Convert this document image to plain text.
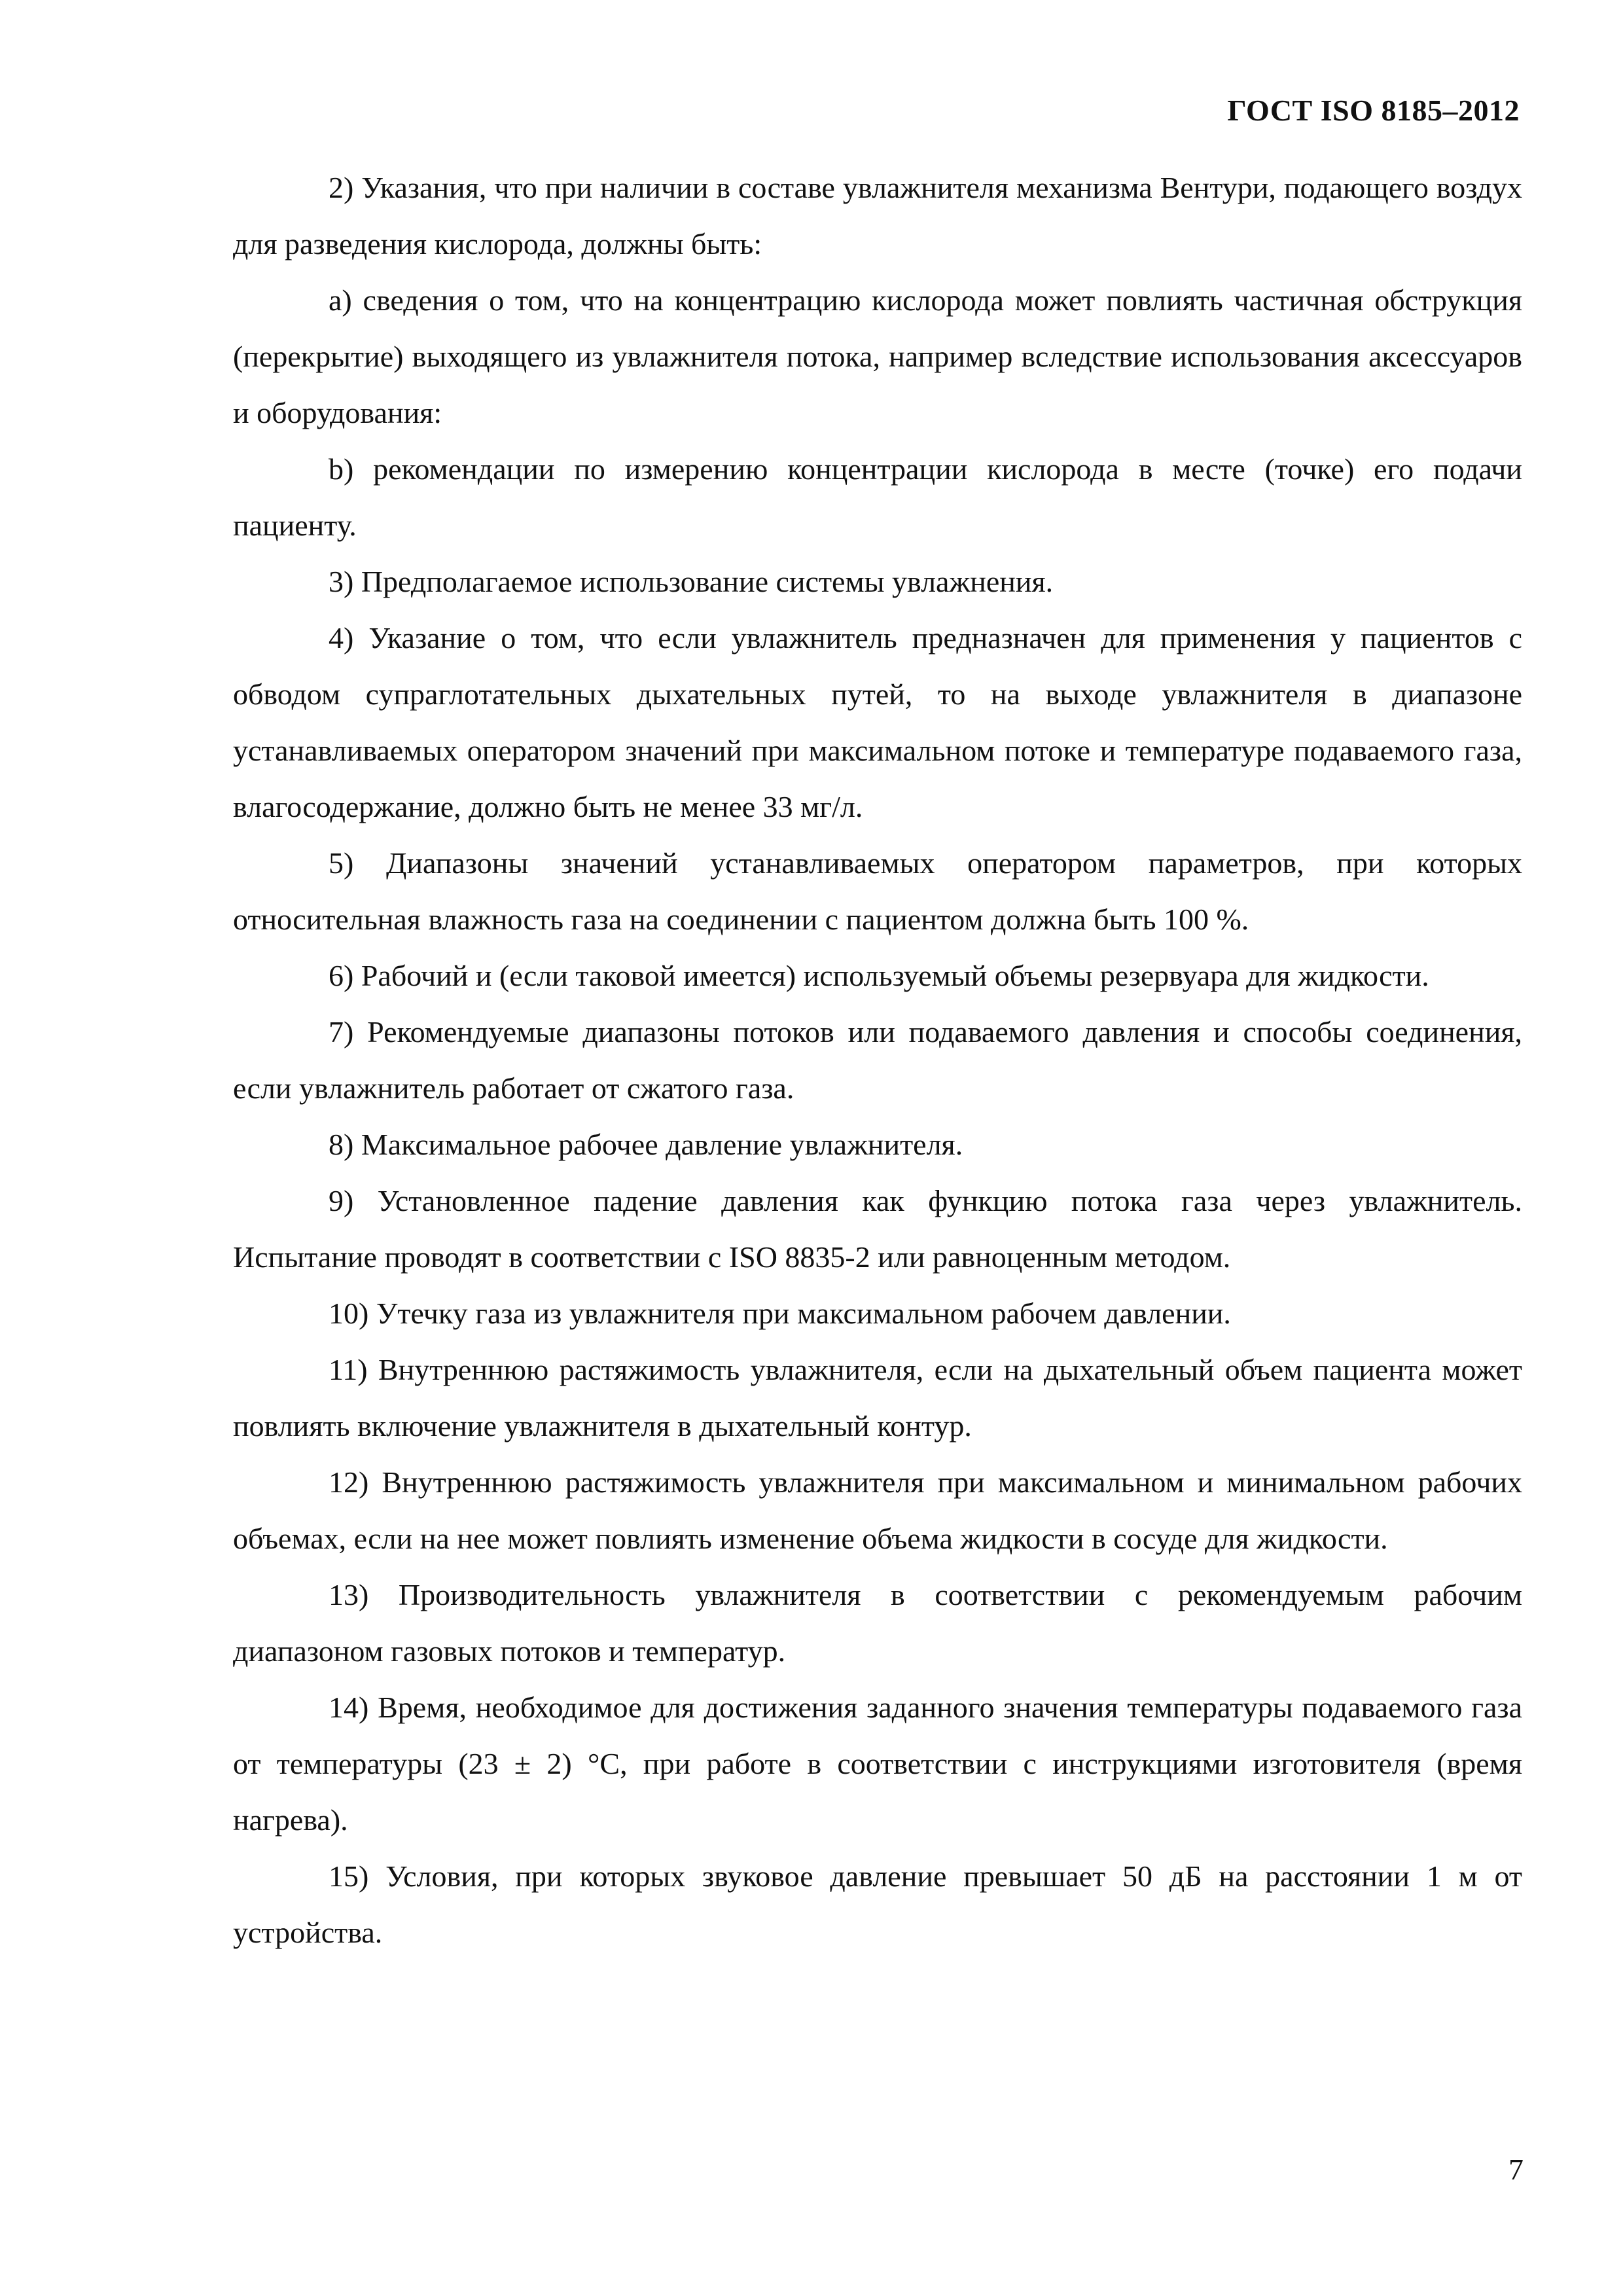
ГОСТ ISO 8185–2012

2) Указания, что при наличии в составе увлажнителя механизма Вентури, подающего воздух для разведения кислорода, должны быть:

a) сведения о том, что на концентрацию кислорода может повлиять частичная обструкция (перекрытие) выходящего из увлажнителя потока, например вследствие использования аксессуаров и оборудования:

b) рекомендации по измерению концентрации кислорода в месте (точке) его подачи пациенту.

3) Предполагаемое использование системы увлажнения.

4) Указание о том, что если увлажнитель предназначен для применения у пациентов с обводом супраглотательных дыхательных путей, то на выходе увлажнителя в диапазоне устанавливаемых оператором значений при максимальном потоке и температуре подаваемого газа, влагосодержание, должно быть не менее 33 мг/л.

5) Диапазоны значений устанавливаемых оператором параметров, при которых относительная влажность газа на соединении с пациентом должна быть 100 %.

6) Рабочий и (если таковой имеется) используемый объемы резервуара для жидкости.

7) Рекомендуемые диапазоны потоков или подаваемого давления и способы соединения, если увлажнитель работает от сжатого газа.

8) Максимальное рабочее давление увлажнителя.

9) Установленное падение давления как функцию потока газа через увлажнитель. Испытание проводят в соответствии с ISO 8835-2 или равноценным методом.

10) Утечку газа из увлажнителя при максимальном рабочем давлении.

11) Внутреннюю растяжимость увлажнителя, если на дыхательный объем пациента может повлиять включение увлажнителя в дыхательный контур.

12) Внутреннюю растяжимость увлажнителя при максимальном и минимальном рабочих объемах, если на нее может повлиять изменение объема жидкости в сосуде для жидкости.

13) Производительность увлажнителя в соответствии с рекомендуемым рабочим диапазоном газовых потоков и температур.

14) Время, необходимое для достижения заданного значения температуры подаваемого газа от температуры (23 ± 2) °С, при работе в соответствии с инструкциями изготовителя (время нагрева).

15) Условия, при которых звуковое давление превышает 50 дБ на расстоянии 1 м от устройства.

7
